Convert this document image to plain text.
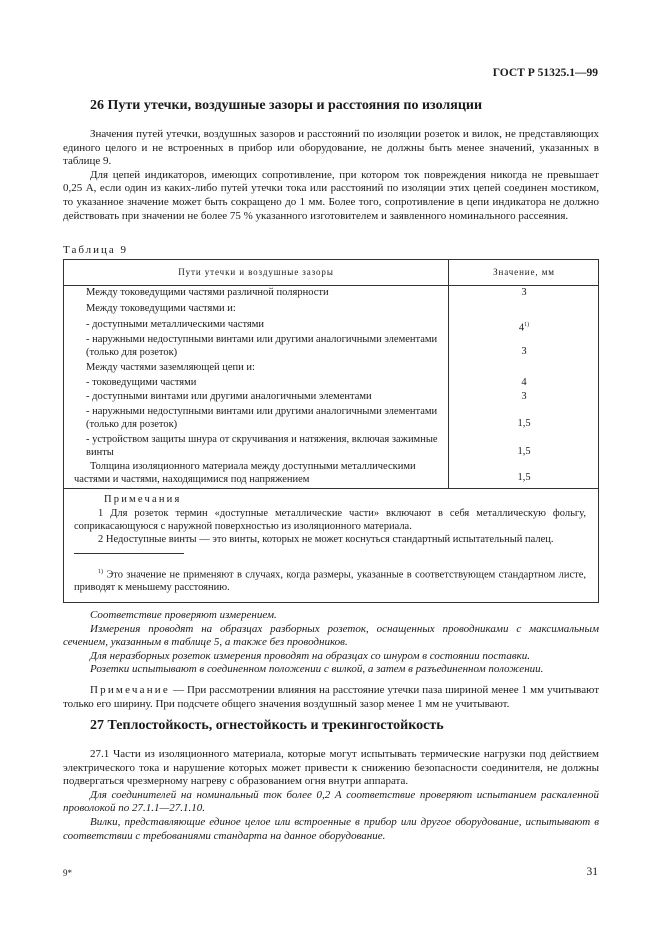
ГОСТ Р 51325.1—99
26 Пути утечки, воздушные зазоры и расстояния по изоляции

Значения путей утечки, воздушных зазоров и расстояний по изоляции розеток и вилок, не представляющих единого целого и не встроенных в прибор или оборудование, не должны быть менее значений, указанных в таблице 9.

Для цепей индикаторов, имеющих сопротивление, при котором ток повреждения никогда не превышает 0,25 А, если один из каких-либо путей утечки тока или расстояний по изоляции этих цепей соединен мостиком, то указанное значение может быть сокращено до 1 мм. Более того, сопротивление в цепи индикатора не должно действовать при значении не более 75 % указанного изготовителем и заявленного номинального рассеяния.

Таблица 9
Пути утечки и воздушные зазоры	Значение, мм

Между токоведущими частями различной полярности	3

Между токоведущими частями и:

- доступными металлическими частями	4$^{1)}$

- наружными недоступными винтами или другими аналогичными элементами (только для розеток)	3

Между частями заземляющей цепи и:

- токоведущими частями	4

- доступными винтами или другими аналогичными элементами	3

- наружными недоступными винтами или другими аналогичными элементами (только для розеток)	1,5

- устройством защиты шнура от скручивания и натяжения, включая зажимные винты	1,5

Толщина изоляционного материала между доступными металлическими частями и частями, находящимися под напряжением	1,5
Примечания

1 Для розеток термин «доступные металлические части» включают в себя металлическую фольгу, соприкасающуюся с наружной поверхностью из изоляционного материала.

2 Недоступные винты — это винты, которых не может коснуться стандартный испытательный палец.

$^{1)}$ Это значение не применяют в случаях, когда размеры, указанные в соответствующем стандартном листе, приводят к меньшему расстоянию.

Соответствие проверяют измерением.

Измерения проводят на образцах разборных розеток, оснащенных проводниками с максимальным сечением, указанным в таблице 5, а также без проводников.

Для неразборных розеток измерения проводят на образцах со шнуром в состоянии поставки.

Розетки испытывают в соединенном положении с вилкой, а затем в разъединенном положении.

Примечание — При рассмотрении влияния на расстояние утечки паза шириной менее 1 мм учитывают только его ширину. При подсчете общего значения воздушный зазор менее 1 мм не учитывают.

27 Теплостойкость, огнестойкость и трекингостойкость

27.1 Части из изоляционного материала, которые могут испытывать термические нагрузки под действием электрического тока и нарушение которых может привести к снижению безопасности соединителя, не должны подвергаться чрезмерному нагреву с образованием огня внутри аппарата.

Для соединителей на номинальный ток более 0,2 А соответствие проверяют испытанием раскаленной проволокой по 27.1.1—27.1.10.

Вилки, представляющие единое целое или встроенные в прибор или другое оборудование, испытывают в соответствии с требованиями стандарта на данное оборудование.

9*	31
